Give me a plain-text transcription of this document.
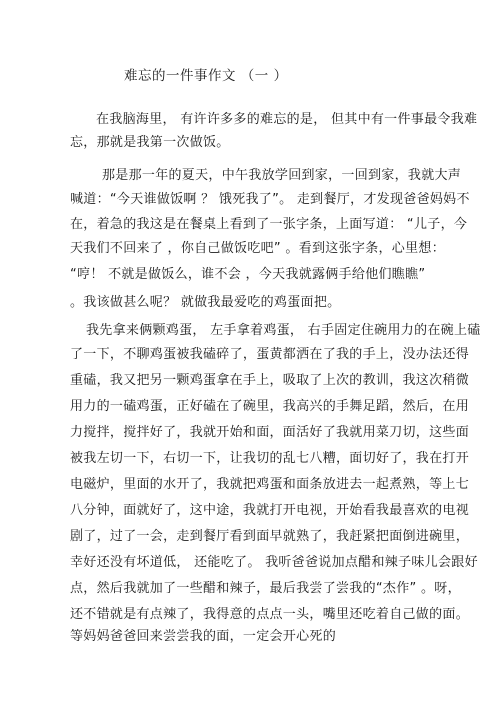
难忘的一件事作文 （一 ）
在我脑海里， 有许许多多的难忘的是， 但其中有一件事最令我难
忘，那就是我第一次做饭。
那是那一年的夏天，中午我放学回到家，一回到家，我就大声
喊道：“今天谁做饭啊 ？ 饿死我了”。 走到餐厅，才发现爸爸妈妈不
在，着急的我这是在餐桌上看到了一张字条，上面写道： “儿子，今
天我们不回来了 ，你自己做饭吃吧” 。看到这张字条，心里想：
“哼！ 不就是做饭么，谁不会 ，今天我就露俩手给他们瞧瞧”
。我该做甚么呢？ 就做我最爱吃的鸡蛋面把。
我先拿来俩颗鸡蛋， 左手拿着鸡蛋， 右手固定住碗用力的在碗上磕
了一下，不聊鸡蛋被我磕碎了，蛋黄都洒在了我的手上，没办法还得
重磕，我又把另一颗鸡蛋拿在手上，吸取了上次的教训，我这次稍微
用力的一磕鸡蛋，正好磕在了碗里，我高兴的手舞足蹈，然后，在用
力搅拌，搅拌好了，我就开始和面，面活好了我就用菜刀切，这些面
被我左切一下，右切一下，让我切的乱七八糟，面切好了，我在打开
电磁炉，里面的水开了，我就把鸡蛋和面条放进去一起煮熟，等上七
八分钟，面就好了，这中途，我就打开电视，开始看我最喜欢的电视
剧了，过了一会，走到餐厅看到面早就熟了，我赶紧把面倒进碗里，
幸好还没有坏道低， 还能吃了。 我听爸爸说加点醋和辣子味儿会跟好
点，然后我就加了一些醋和辣子，最后我尝了尝我的“杰作” 。呀，
还不错就是有点辣了，我得意的点点一头，嘴里还吃着自己做的面。
等妈妈爸爸回来尝尝我的面，一定会开心死的
